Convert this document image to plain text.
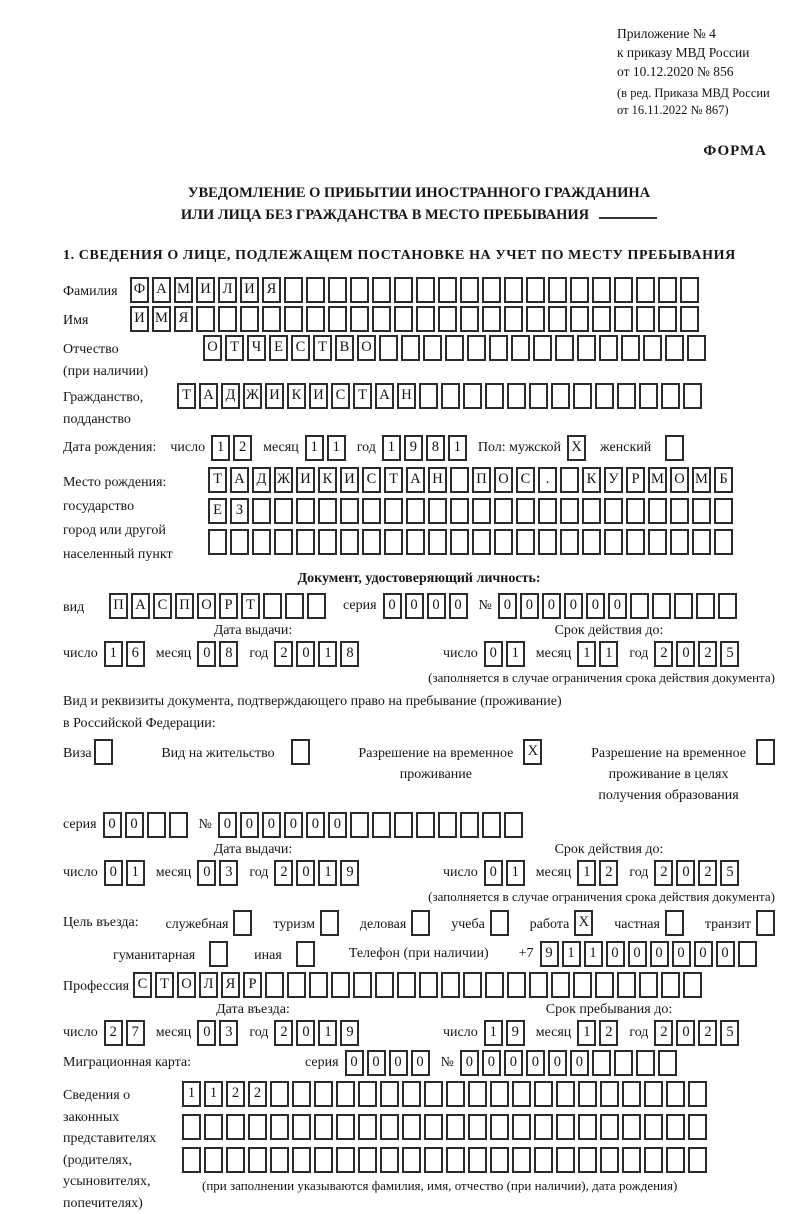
Приложение № 4
к приказу МВД России
от 10.12.2020 № 856
(в ред. Приказа МВД России
от 16.11.2022 № 867)
ФОРМА
УВЕДОМЛЕНИЕ О ПРИБЫТИИ ИНОСТРАННОГО ГРАЖДАНИНА
ИЛИ ЛИЦА БЕЗ ГРАЖДАНСТВА В МЕСТО ПРЕБЫВАНИЯ
1. СВЕДЕНИЯ О ЛИЦЕ, ПОДЛЕЖАЩЕМ ПОСТАНОВКЕ НА УЧЕТ ПО МЕСТУ ПРЕБЫВАНИЯ
Фамилия	Ф А М И Л И Я
Имя	И М Я
Отчество
(при наличии)
О Т Ч Е С Т В О
Гражданство,
подданство
Т А Д Ж И К И С Т А Н
Дата рождения: число 1	2	месяц 1	1	год 1	9	8	1	Пол: мужской X	женский
Место рождения:
государство
город или другой
населенный пункт
Т А Д Ж И К И С Т А Н П О С	.	К У Р М О М Б
Е З
Документ, удостоверяющий личность:
вид	П А С П О Р Т	серия 0	0	0	0	№ 0	0	0	0	0	0
Дата выдачи:	Срок действия до:
число 1	6	месяц 0	8	год 2	0	1	8	число 0	1	месяц 1	1	год 2	0	2	5
(заполняется в случае ограничения срока действия документа)
Вид и реквизиты документа, подтверждающего право на пребывание (проживание)
в Российской Федерации:
Виза	Вид на жительство	Разрешение на временное
проживание
X	Разрешение на временное
проживание в целях
получения образования
серия 0	0	№ 0	0	0	0	0	0
Дата выдачи:	Срок действия до:
число 0	1	месяц 0	3	год 2	0	1	9	число 0	1	месяц 1	2	год 2	0	2	5
(заполняется в случае ограничения срока действия документа)
Цель въезда: служебная	туризм	деловая	учеба	работа X	частная	транзит
гуманитарная	иная	Телефон (при наличии) +7 9	1	1	0	0	0	0	0	0
Профессия С Т О Л Я Р
Дата въезда:	Срок пребывания до:
число 2	7	месяц 0	3	год 2	0	1	9	число 1	9	месяц 1	2	год 2	0	2	5
Миграционная карта:	серия 0	0	0	0	№ 0	0	0	0	0	0
Сведения о
законных
представителях
(родителях,
усыновителях,
попечителях)
1	1	2	2
(при заполнении указываются фамилия, имя, отчество (при наличии), дата рождения)
